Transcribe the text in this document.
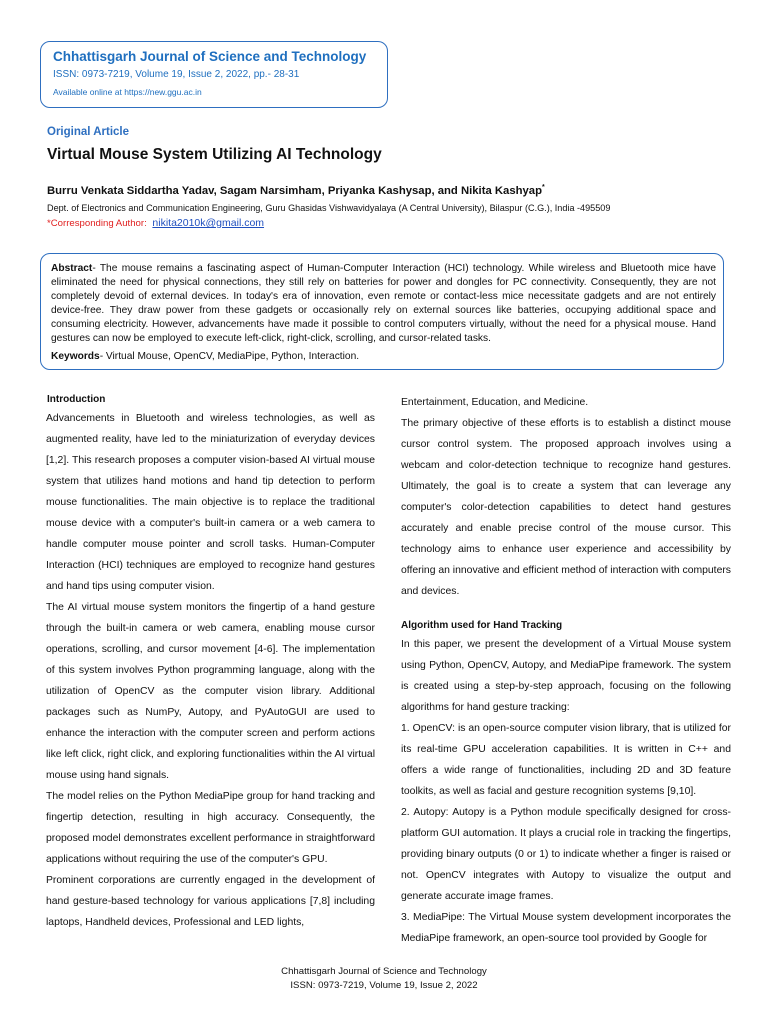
Chhattisgarh Journal of Science and Technology
ISSN: 0973-7219, Volume 19, Issue 2, 2022, pp.- 28-31
Available online at https://new.ggu.ac.in
Original Article
Virtual Mouse System Utilizing AI Technology
Burru Venkata Siddartha Yadav, Sagam Narsimham, Priyanka Kashysap, and Nikita Kashyap*
Dept. of Electronics and Communication Engineering, Guru Ghasidas Vishwavidyalaya (A Central University), Bilaspur (C.G.), India -495509
*Corresponding Author: nikita2010k@gmail.com

Abstract- The mouse remains a fascinating aspect of Human-Computer Interaction (HCI) technology. While wireless and Bluetooth mice have eliminated the need for physical connections, they still rely on batteries for power and dongles for PC connectivity. Consequently, they are not completely devoid of external devices. In today's era of innovation, even remote or contact-less mice necessitate gadgets and are not entirely device-free. They draw power from these gadgets or occasionally rely on external sources like batteries, occupying additional space and consuming electricity. However, advancements have made it possible to control computers virtually, without the need for a physical mouse. Hand gestures can now be employed to execute left-click, right-click, scrolling, and cursor-related tasks.

Keywords- Virtual Mouse, OpenCV, MediaPipe, Python, Interaction.
Introduction

Advancements in Bluetooth and wireless technologies, as well as augmented reality, have led to the miniaturization of everyday devices [1,2]. This research proposes a computer vision-based AI virtual mouse system that utilizes hand motions and hand tip detection to perform mouse functionalities. The main objective is to replace the traditional mouse device with a computer's built-in camera or a web camera to handle computer mouse pointer and scroll tasks. Human-Computer Interaction (HCI) techniques are employed to recognize hand gestures and hand tips using computer vision.

The AI virtual mouse system monitors the fingertip of a hand gesture through the built-in camera or web camera, enabling mouse cursor operations, scrolling, and cursor movement [4-6]. The implementation of this system involves Python programming language, along with the utilization of OpenCV as the computer vision library. Additional packages such as NumPy, Autopy, and PyAutoGUI are used to enhance the interaction with the computer screen and perform actions like left click, right click, and exploring functionalities within the AI virtual mouse using hand signals.

The model relies on the Python MediaPipe group for hand tracking and fingertip detection, resulting in high accuracy. Consequently, the proposed model demonstrates excellent performance in straightforward applications without requiring the use of the computer's GPU.

Prominent corporations are currently engaged in the development of hand gesture-based technology for various applications [7,8] including laptops, Handheld devices, Professional and LED lights,

Entertainment, Education, and Medicine.

The primary objective of these efforts is to establish a distinct mouse cursor control system. The proposed approach involves using a webcam and color-detection technique to recognize hand gestures. Ultimately, the goal is to create a system that can leverage any computer's color-detection capabilities to detect hand gestures accurately and enable precise control of the mouse cursor. This technology aims to enhance user experience and accessibility by offering an innovative and efficient method of interaction with computers and devices.

Algorithm used for Hand Tracking

In this paper, we present the development of a Virtual Mouse system using Python, OpenCV, Autopy, and MediaPipe framework. The system is created using a step-by-step approach, focusing on the following algorithms for hand gesture tracking:

1. OpenCV: is an open-source computer vision library, that is utilized for its real-time GPU acceleration capabilities. It is written in C++ and offers a wide range of functionalities, including 2D and 3D feature toolkits, as well as facial and gesture recognition systems [9,10].

2. Autopy: Autopy is a Python module specifically designed for cross-platform GUI automation. It plays a crucial role in tracking the fingertips, providing binary outputs (0 or 1) to indicate whether a finger is raised or not. OpenCV integrates with Autopy to visualize the output and generate accurate image frames.

3. MediaPipe: The Virtual Mouse system development incorporates the MediaPipe framework, an open-source tool provided by Google for

Chhattisgarh Journal of Science and Technology
ISSN: 0973-7219, Volume 19, Issue 2, 2022
